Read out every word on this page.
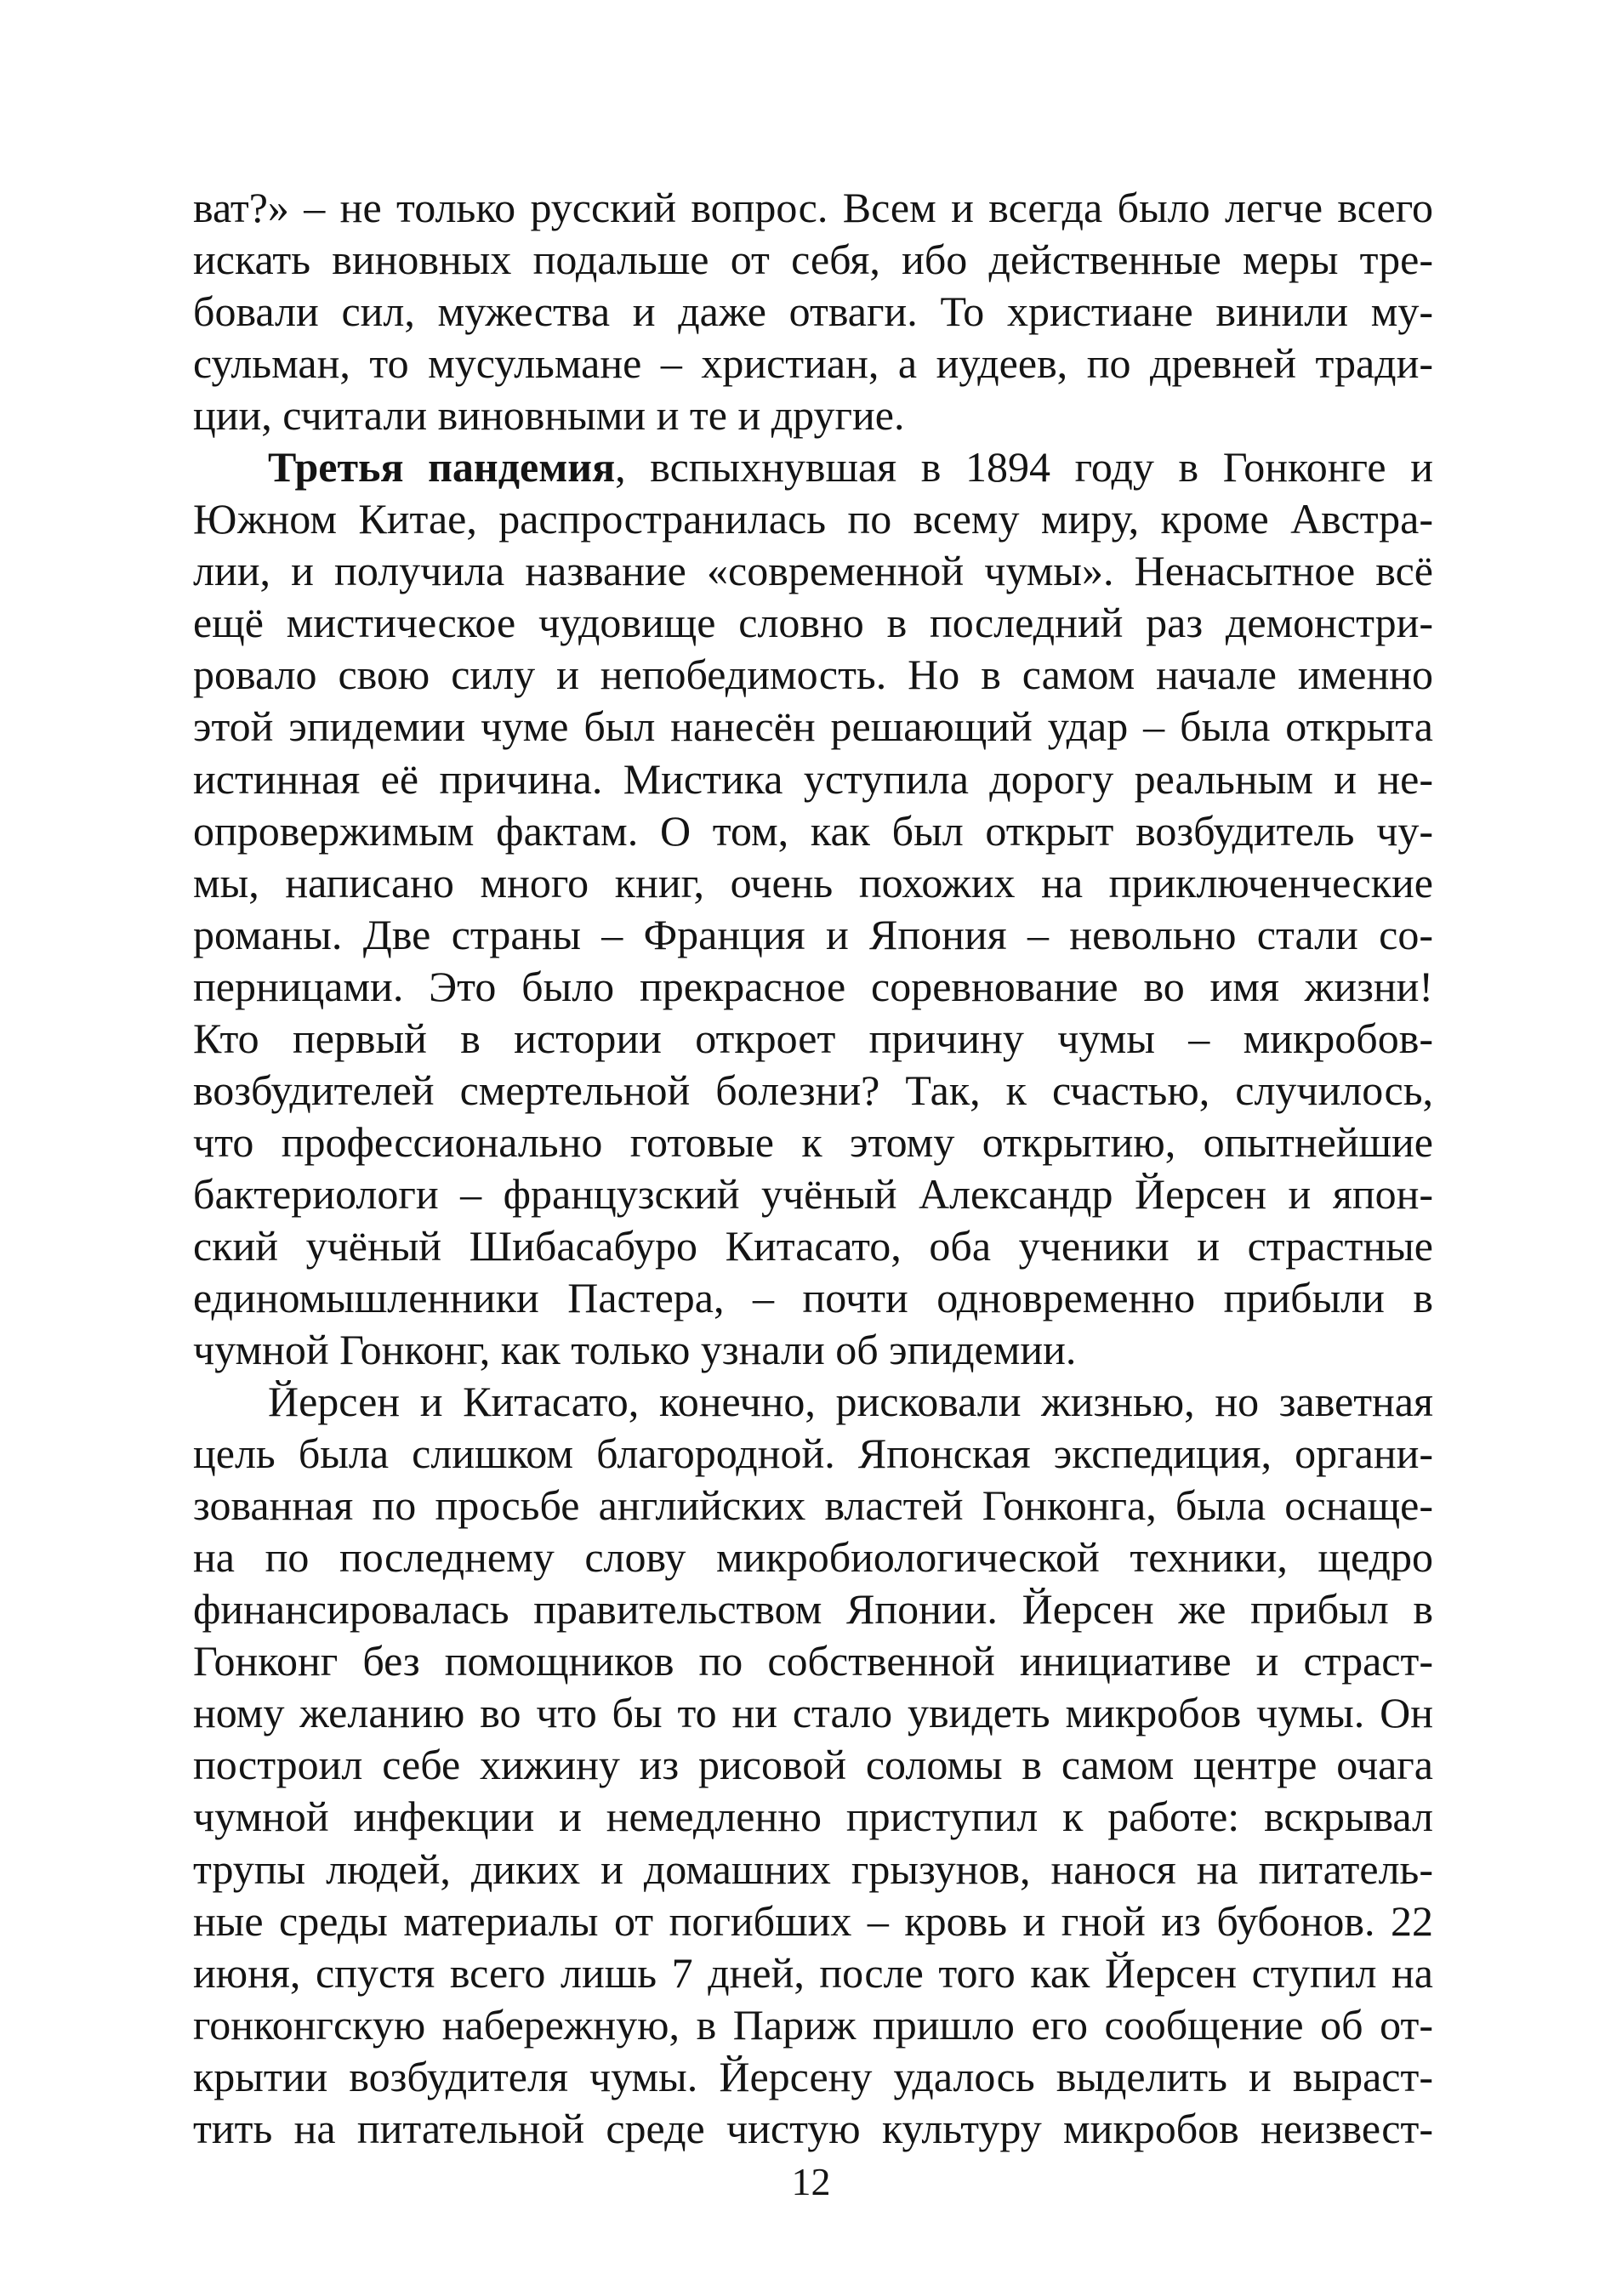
ват?» – не только русский вопрос. Всем и всегда было легче всего
искать виновных подальше от себя, ибо действенные меры тре-
бовали сил, мужества и даже отваги. То христиане винили му-
сульман, то мусульмане – христиан, а иудеев, по древней тради-
ции, считали виновными и те и другие.
Третья пандемия, вспыхнувшая в 1894 году в Гонконге и
Южном Китае, распространилась по всему миру, кроме Австра-
лии, и получила название «современной чумы». Ненасытное всё
ещё мистическое чудовище словно в последний раз демонстри-
ровало свою силу и непобедимость. Но в самом начале именно
этой эпидемии чуме был нанесён решающий удар – была открыта
истинная её причина. Мистика уступила дорогу реальным и не-
опровержимым фактам. О том, как был открыт возбудитель чу-
мы, написано много книг, очень похожих на приключенческие
романы. Две страны – Франция и Япония – невольно стали со-
перницами. Это было прекрасное соревнование во имя жизни!
Кто первый в истории откроет причину чумы – микробов-
возбудителей смертельной болезни? Так, к счастью, случилось,
что профессионально готовые к этому открытию, опытнейшие
бактериологи – французский учёный Александр Йерсен и япон-
ский учёный Шибасабуро Китасато, оба ученики и страстные
единомышленники Пастера, – почти одновременно прибыли в
чумной Гонконг, как только узнали об эпидемии.
Йерсен и Китасато, конечно, рисковали жизнью, но заветная
цель была слишком благородной. Японская экспедиция, органи-
зованная по просьбе английских властей Гонконга, была оснаще-
на по последнему слову микробиологической техники, щедро
финансировалась правительством Японии. Йерсен же прибыл в
Гонконг без помощников по собственной инициативе и страст-
ному желанию во что бы то ни стало увидеть микробов чумы. Он
построил себе хижину из рисовой соломы в самом центре очага
чумной инфекции и немедленно приступил к работе: вскрывал
трупы людей, диких и домашних грызунов, нанося на питатель-
ные среды материалы от погибших – кровь и гной из бубонов. 22
июня, спустя всего лишь 7 дней, после того как Йерсен ступил на
гонконгскую набережную, в Париж пришло его сообщение об от-
крытии возбудителя чумы. Йерсену удалось выделить и выраст-
тить на питательной среде чистую культуру микробов неизвест-
12
